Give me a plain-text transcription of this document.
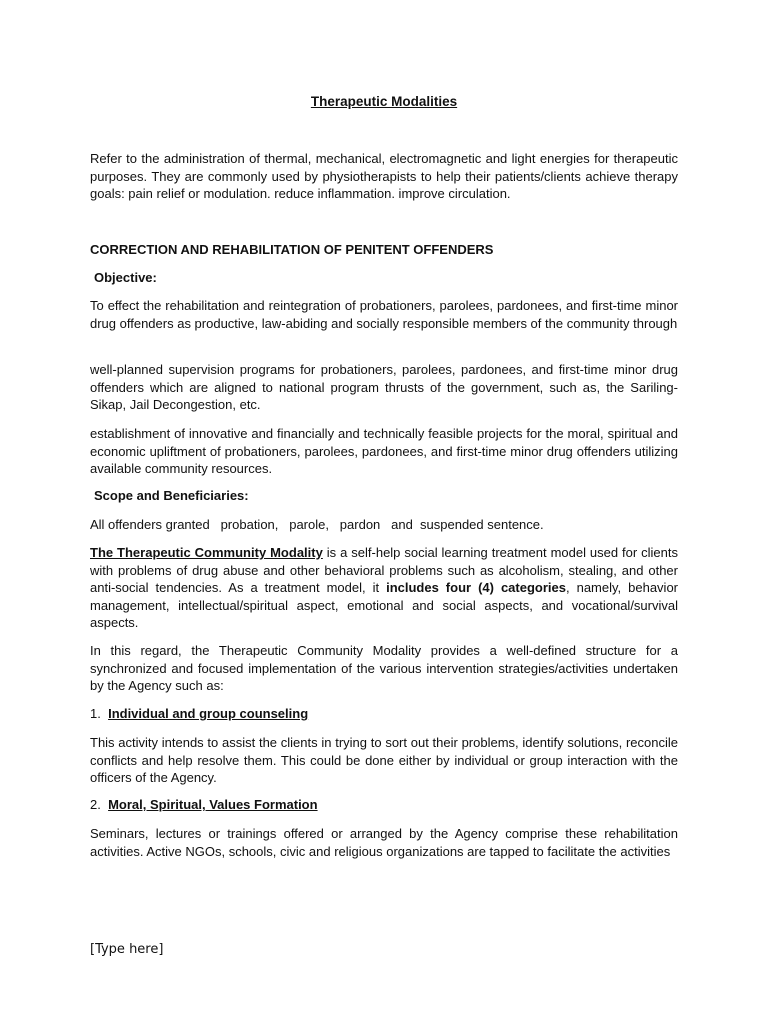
Therapeutic Modalities

Refer to the administration of thermal, mechanical, electromagnetic and light energies for therapeutic purposes. They are commonly used by physiotherapists to help their patients/clients achieve therapy goals: pain relief or modulation. reduce inflammation. improve circulation.

CORRECTION AND REHABILITATION OF PENITENT OFFENDERS
Objective:

To effect the rehabilitation and reintegration of probationers, parolees, pardonees, and first-time minor drug offenders as productive, law-abiding and socially responsible members of the community through

well-planned supervision programs for probationers, parolees, pardonees, and first-time minor drug offenders which are aligned to national program thrusts of the government, such as, the Sariling-Sikap, Jail Decongestion, etc.

establishment of innovative and financially and technically feasible projects for the moral, spiritual and economic upliftment of probationers, parolees, pardonees, and first-time minor drug offenders utilizing available community resources.

Scope and Beneficiaries:

All offenders granted   probation,   parole,   pardon   and  suspended sentence.

The Therapeutic Community Modality is a self-help social learning treatment model used for clients with problems of drug abuse and other behavioral problems such as alcoholism, stealing, and other anti-social tendencies. As a treatment model, it includes four (4) categories, namely, behavior management, intellectual/spiritual aspect, emotional and social aspects, and vocational/survival aspects.

In this regard, the Therapeutic Community Modality provides a well-defined structure for a synchronized and focused implementation of the various intervention strategies/activities undertaken by the Agency such as:

1. Individual and group counseling

This activity intends to assist the clients in trying to sort out their problems, identify solutions, reconcile conflicts and help resolve them. This could be done either by individual or group interaction with the officers of the Agency.

2. Moral, Spiritual, Values Formation

Seminars, lectures or trainings offered or arranged by the Agency comprise these rehabilitation activities. Active NGOs, schools, civic and religious organizations are tapped to facilitate the activities

[Type here]
